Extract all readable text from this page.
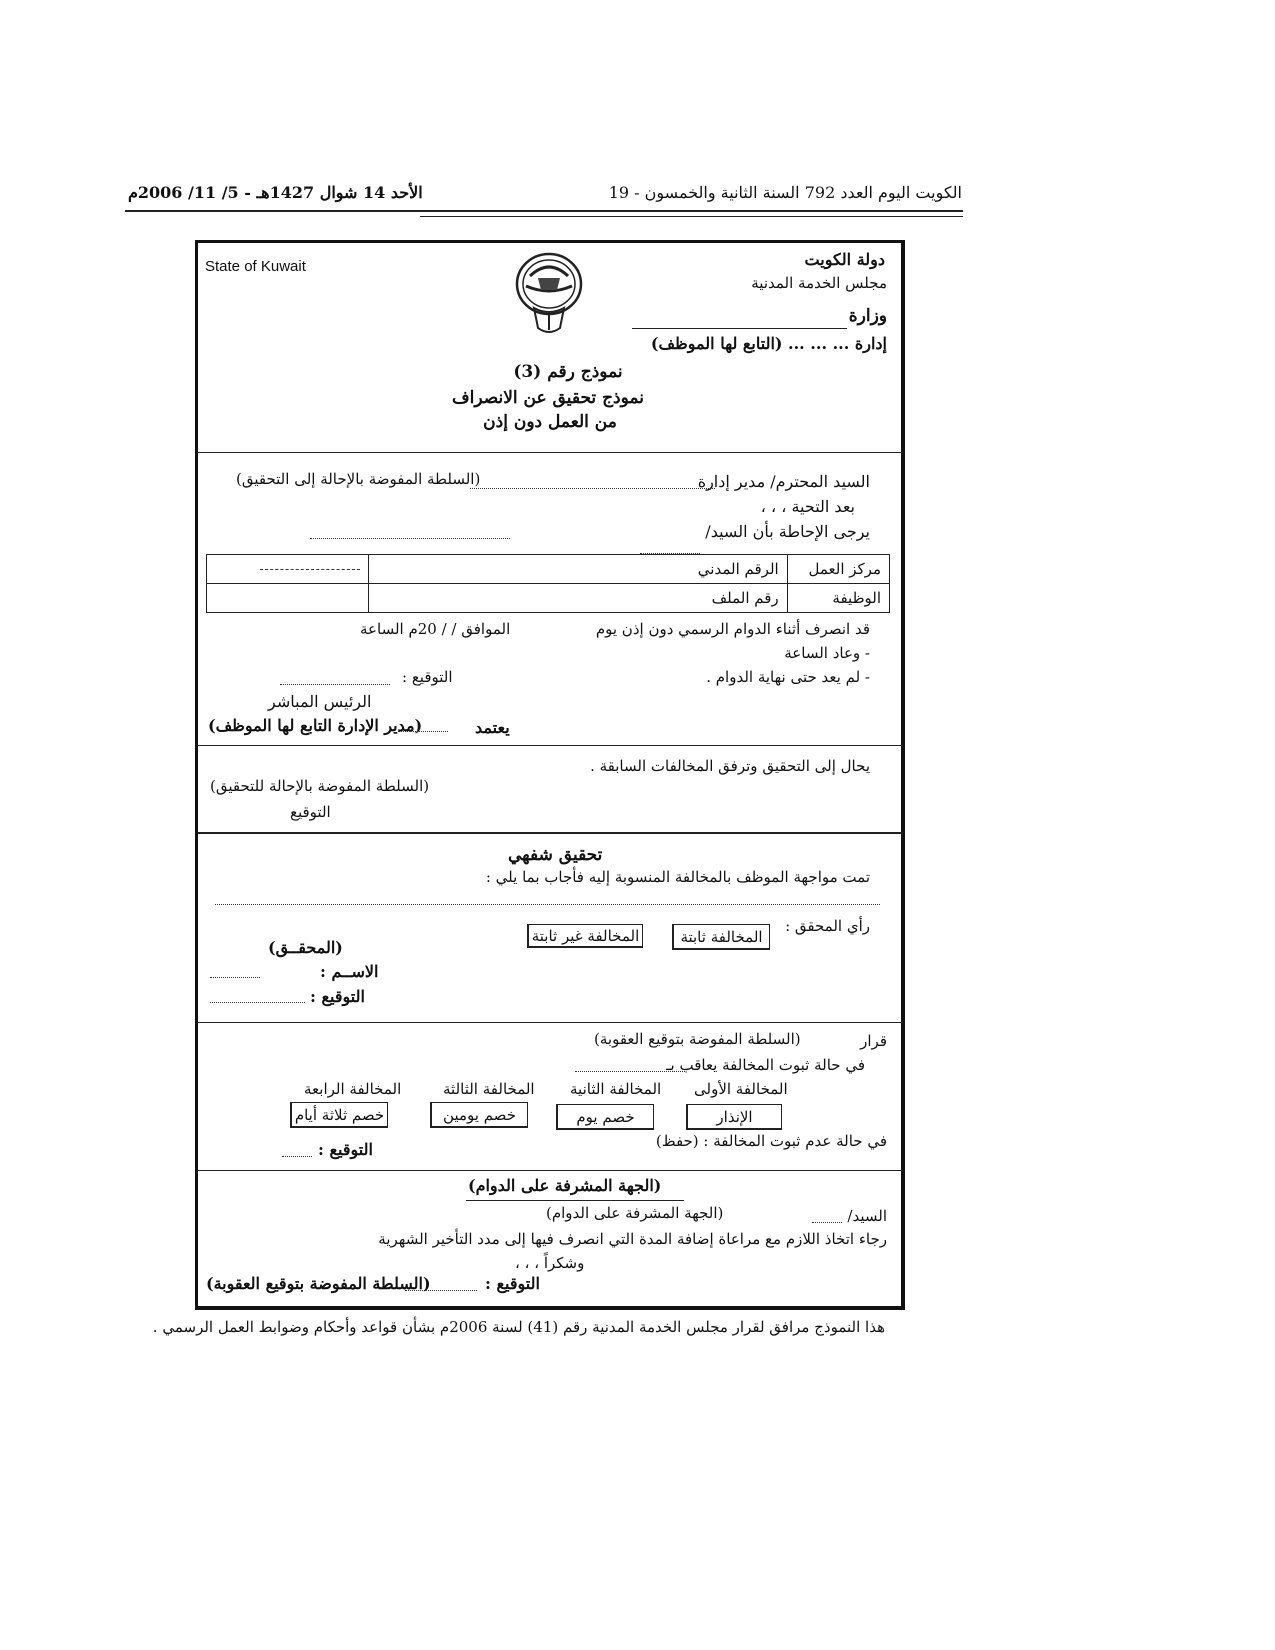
الكويت اليوم العدد 792 السنة الثانية والخمسون - 19
الأحد 14 شوال 1427هـ - 5/ 11/ 2006م
State of Kuwait	دولة الكويت
مجلس الخدمة المدنية
وزارة
إدارة ... ... ... (التابع لها الموظف)
نموذج رقم (3)
نموذج تحقيق عن الانصراف
من العمل دون إذن
السيد المحترم/ مدير إدارة
(السلطة المفوضة بالإحالة إلى التحقيق)
بعد التحية ، ، ،
يرجى الإحاطة بأن السيد/
	الرقم المدني	مركز العمل
	رقم الملف	الوظيفة
قد انصرف أثناء الدوام الرسمي دون إذن يوم
الموافق / / 20م الساعة
- وعاد الساعة
- لم يعد حتى نهاية الدوام .
التوقيع :
الرئيس المباشر
(مدير الإدارة التابع لها الموظف)	يعتمد
يحال إلى التحقيق وترفق المخالفات السابقة .
(السلطة المفوضة بالإحالة للتحقيق)
التوقيع
تحقيق شفهي
تمت مواجهة الموظف بالمخالفة المنسوبة إليه فأجاب بما يلي :
رأي المحقق :
المخالفة ثابتة
المخالفة غير ثابتة
(المحقــق)
الاســم :
التوقيع :
قرار
(السلطة المفوضة بتوقيع العقوبة)
في حالة ثبوت المخالفة يعاقب بـ
المخالفة الأولى
المخالفة الثانية
المخالفة الثالثة
المخالفة الرابعة
الإنذار
خصم يوم
خصم يومين
خصم ثلاثة أيام
في حالة عدم ثبوت المخالفة : (حفظ)
التوقيع :
(الجهة المشرفة على الدوام)
السيد/
(الجهة المشرفة على الدوام)
رجاء اتخاذ اللازم مع مراعاة إضافة المدة التي انصرف فيها إلى مدد التأخير الشهرية
وشكراً ، ، ،
التوقيع :
(السلطة المفوضة بتوقيع العقوبة)
هذا النموذج مرافق لقرار مجلس الخدمة المدنية رقم (41) لسنة 2006م بشأن قواعد وأحكام وضوابط العمل الرسمي .
